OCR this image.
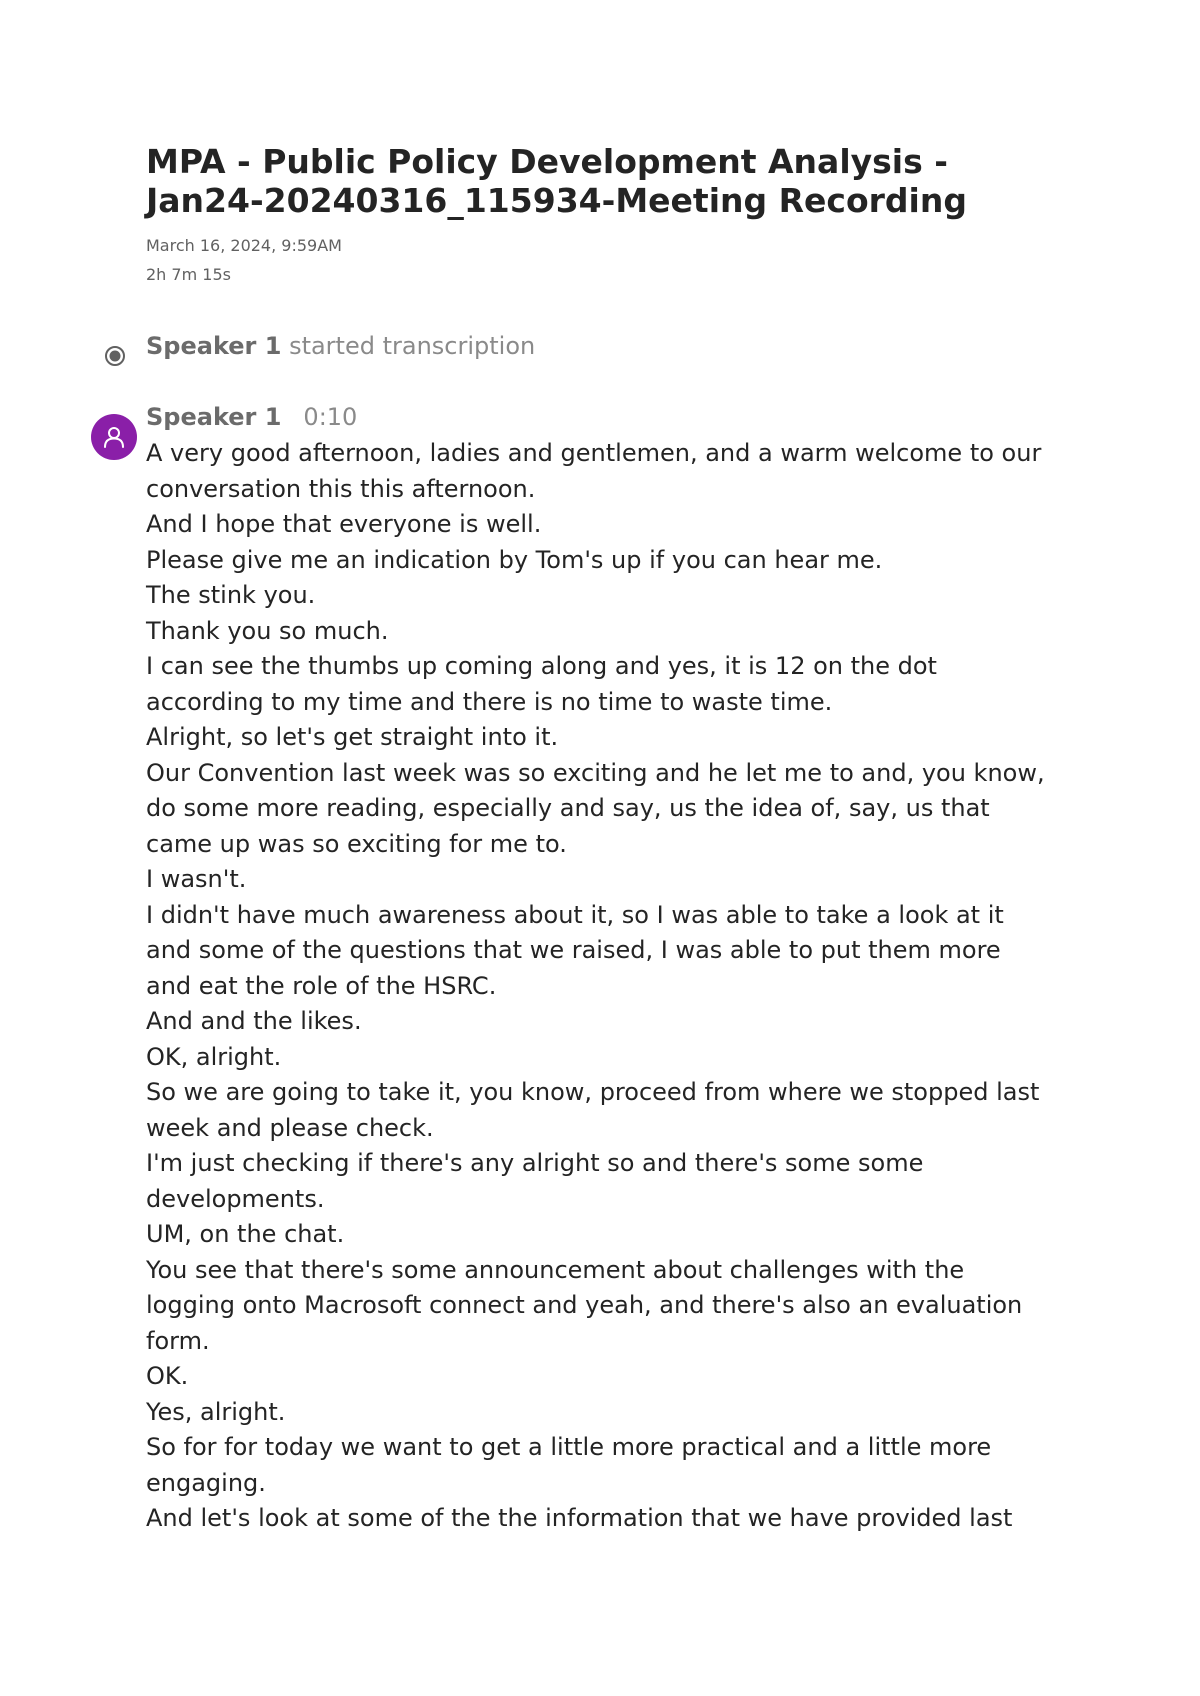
MPA - Public Policy Development Analysis -
Jan24-20240316_115934-Meeting Recording
March 16, 2024, 9:59AM
2h 7m 15s
Speaker 1 started transcription
Speaker 1 0:10
A very good afternoon, ladies and gentlemen, and a warm welcome to our
conversation this this afternoon.
And I hope that everyone is well.
Please give me an indication by Tom's up if you can hear me.
The stink you.
Thank you so much.
I can see the thumbs up coming along and yes, it is 12 on the dot
according to my time and there is no time to waste time.
Alright, so let's get straight into it.
Our Convention last week was so exciting and he let me to and, you know,
do some more reading, especially and say, us the idea of, say, us that
came up was so exciting for me to.
I wasn't.
I didn't have much awareness about it, so I was able to take a look at it
and some of the questions that we raised, I was able to put them more
and eat the role of the HSRC.
And and the likes.
OK, alright.
So we are going to take it, you know, proceed from where we stopped last
week and please check.
I'm just checking if there's any alright so and there's some some
developments.
UM, on the chat.
You see that there's some announcement about challenges with the
logging onto Macrosoft connect and yeah, and there's also an evaluation
form.
OK.
Yes, alright.
So for for today we want to get a little more practical and a little more
engaging.
And let's look at some of the the information that we have provided last
